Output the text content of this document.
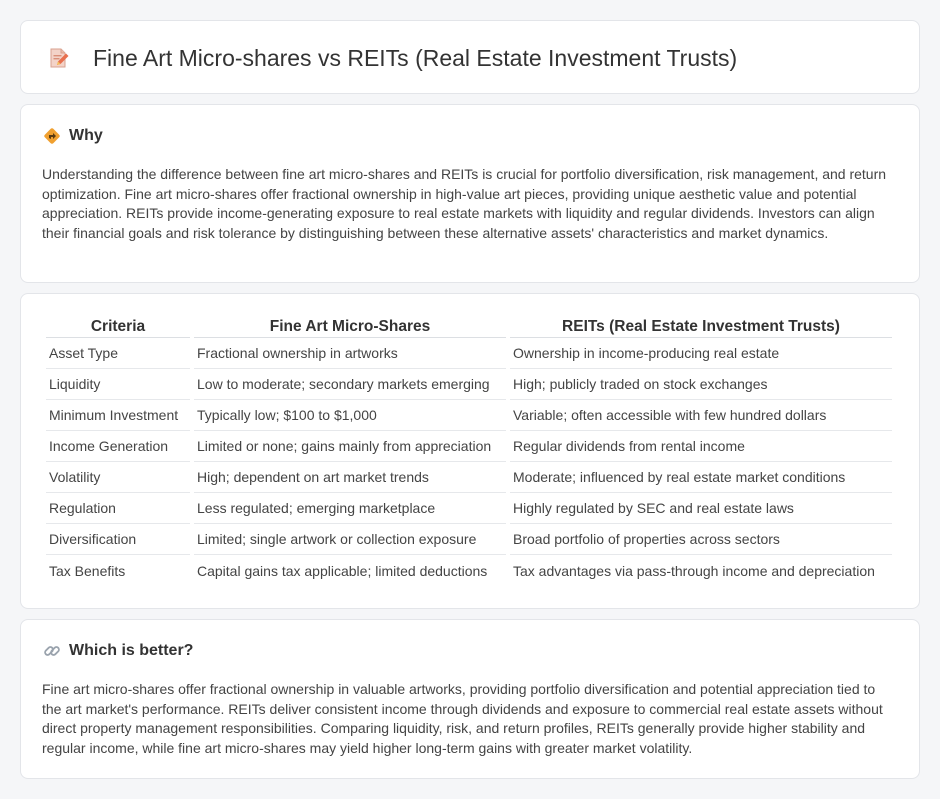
Fine Art Micro-shares vs REITs (Real Estate Investment Trusts)
Why

Understanding the difference between fine art micro-shares and REITs is crucial for portfolio diversification, risk management, and return optimization. Fine art micro-shares offer fractional ownership in high-value art pieces, providing unique aesthetic value and potential appreciation. REITs provide income-generating exposure to real estate markets with liquidity and regular dividends. Investors can align their financial goals and risk tolerance by distinguishing between these alternative assets' characteristics and market dynamics.

Criteria	Fine Art Micro-Shares	REITs (Real Estate Investment Trusts)
Asset Type	Fractional ownership in artworks	Ownership in income-producing real estate
Liquidity	Low to moderate; secondary markets emerging	High; publicly traded on stock exchanges
Minimum Investment	Typically low; $100 to $1,000	Variable; often accessible with few hundred dollars
Income Generation	Limited or none; gains mainly from appreciation	Regular dividends from rental income
Volatility	High; dependent on art market trends	Moderate; influenced by real estate market conditions
Regulation	Less regulated; emerging marketplace	Highly regulated by SEC and real estate laws
Diversification	Limited; single artwork or collection exposure	Broad portfolio of properties across sectors
Tax Benefits	Capital gains tax applicable; limited deductions	Tax advantages via pass-through income and depreciation
Which is better?

Fine art micro-shares offer fractional ownership in valuable artworks, providing portfolio diversification and potential appreciation tied to the art market's performance. REITs deliver consistent income through dividends and exposure to commercial real estate assets without direct property management responsibilities. Comparing liquidity, risk, and return profiles, REITs generally provide higher stability and regular income, while fine art micro-shares may yield higher long-term gains with greater market volatility.
